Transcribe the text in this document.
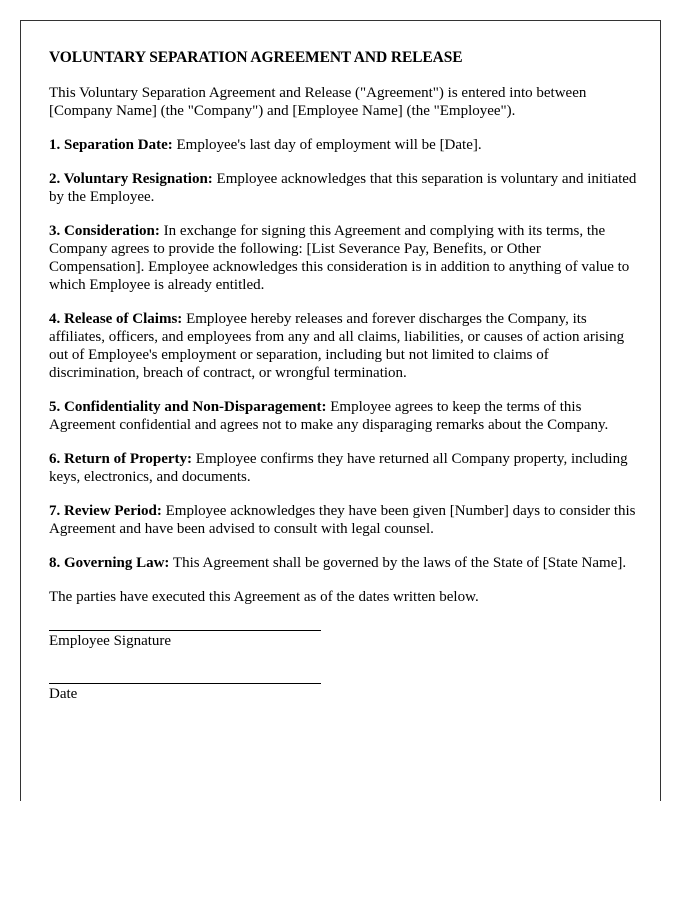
VOLUNTARY SEPARATION AGREEMENT AND RELEASE

This Voluntary Separation Agreement and Release ("Agreement") is entered into between [Company Name] (the "Company") and [Employee Name] (the "Employee").

1. Separation Date: Employee's last day of employment will be [Date].

2. Voluntary Resignation: Employee acknowledges that this separation is voluntary and initiated by the Employee.

3. Consideration: In exchange for signing this Agreement and complying with its terms, the Company agrees to provide the following: [List Severance Pay, Benefits, or Other Compensation]. Employee acknowledges this consideration is in addition to anything of value to which Employee is already entitled.

4. Release of Claims: Employee hereby releases and forever discharges the Company, its affiliates, officers, and employees from any and all claims, liabilities, or causes of action arising out of Employee's employment or separation, including but not limited to claims of discrimination, breach of contract, or wrongful termination.

5. Confidentiality and Non-Disparagement: Employee agrees to keep the terms of this Agreement confidential and agrees not to make any disparaging remarks about the Company.

6. Return of Property: Employee confirms they have returned all Company property, including keys, electronics, and documents.

7. Review Period: Employee acknowledges they have been given [Number] days to consider this Agreement and have been advised to consult with legal counsel.

8. Governing Law: This Agreement shall be governed by the laws of the State of [State Name].

The parties have executed this Agreement as of the dates written below.

Employee Signature
Date
